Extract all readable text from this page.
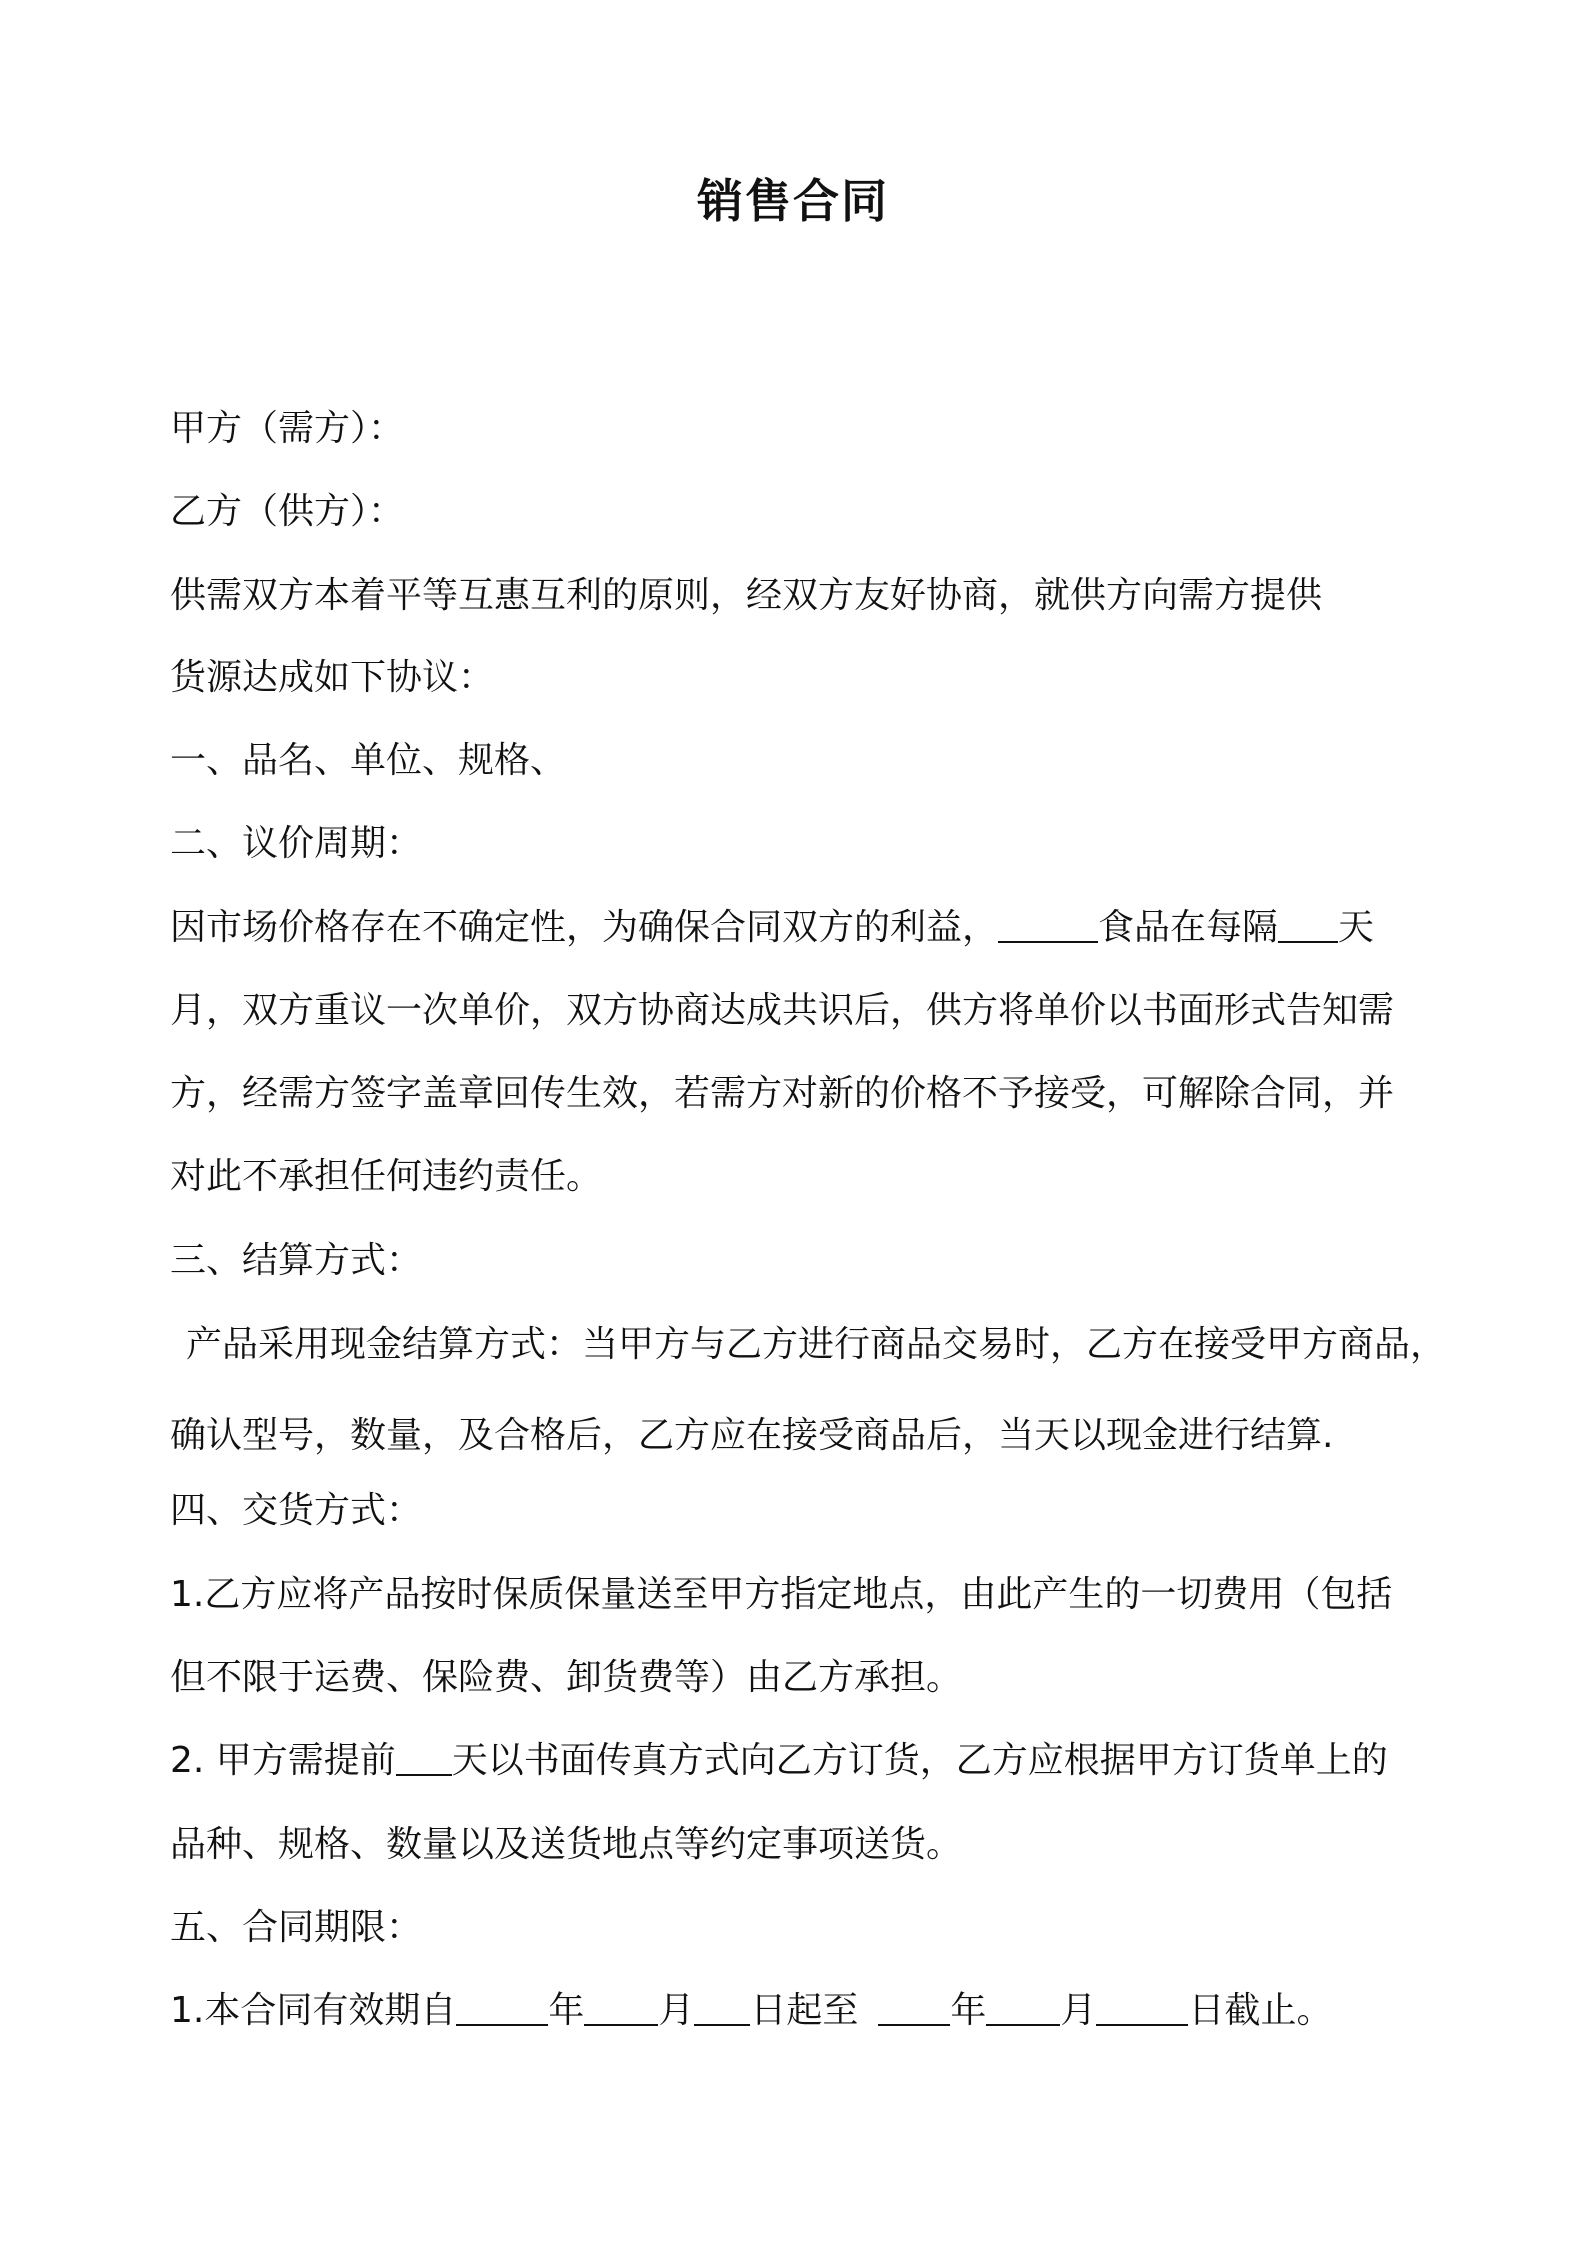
销售合同
甲方（需方）：
乙方（供方）：
供需双方本着平等互惠互利的原则，经双方友好协商，就供方向需方提供
货源达成如下协议：
一、品名、单位、规格、
二、议价周期：
因市场价格存在不确定性，为确保合同双方的利益，	食品在每隔 天
月，双方重议一次单价，双方协商达成共识后，供方将单价以书面形式告知需
方，经需方签字盖章回传生效，若需方对新的价格不予接受，可解除合同，并
对此不承担任何违约责任。
三、结算方式：
产品采用现金结算方式：当甲方与乙方进行商品交易时，乙方在接受甲方商品，
确认型号，数量，及合格后，乙方应在接受商品后，当天以现金进行结算.
四、交货方式：
1.乙方应将产品按时保质保量送至甲方指定地点，由此产生的一切费用（包括
但不限于运费、保险费、卸货费等）由乙方承担。
2. 甲方需提前 天以书面传真方式向乙方订货，乙方应根据甲方订货单上的
品种、规格、数量以及送货地点等约定事项送货。
五、合同期限：
1.本合同有效期自	年 月 日起至	年 月	日截止。
